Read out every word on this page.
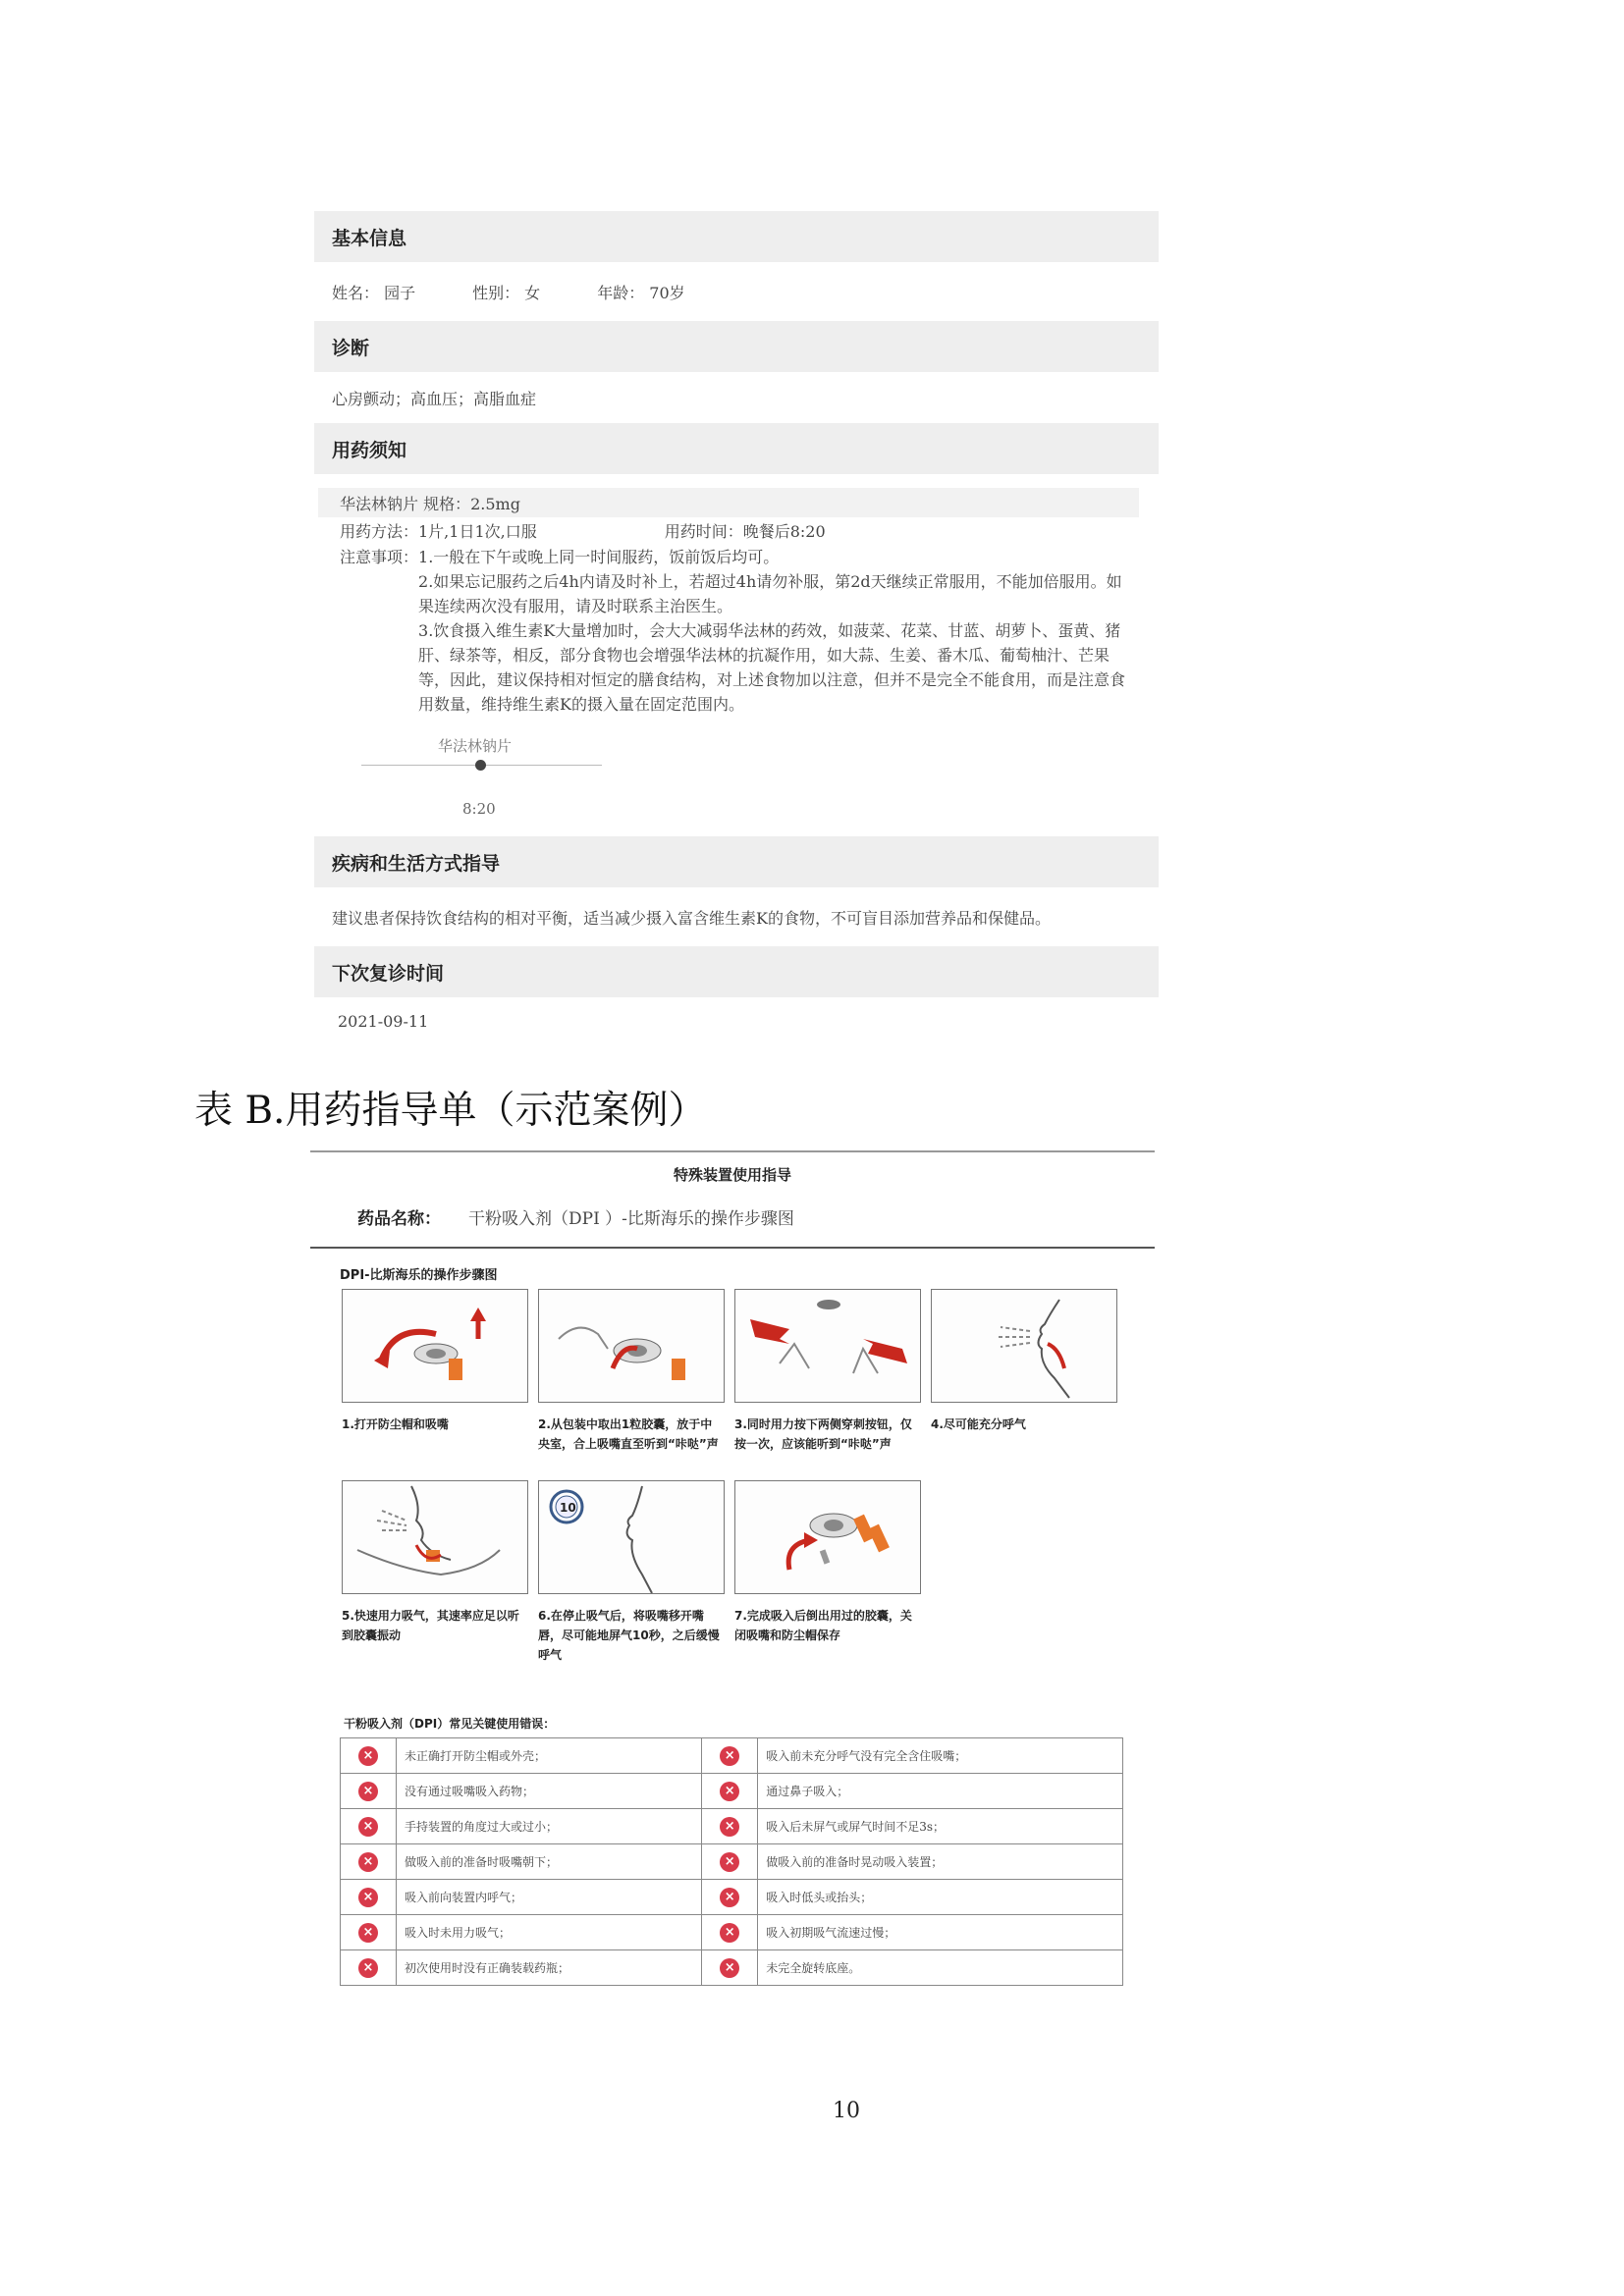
基本信息
姓名： 园子	性别： 女	年龄： 70岁
诊断
心房颤动；高血压；高脂血症
用药须知
华法林钠片 规格：2.5mg
用药方法：1片,1日1次,口服	用药时间：晚餐后8:20
注意事项： 1.一般在下午或晚上同一时间服药，饭前饭后均可。
2.如果忘记服药之后4h内请及时补上，若超过4h请勿补服，第2d天继续正常服用，不能加倍服用。如果连续两次没有服用，请及时联系主治医生。
3.饮食摄入维生素K大量增加时，会大大减弱华法林的药效，如菠菜、花菜、甘蓝、胡萝卜、蛋黄、猪肝、绿茶等，相反，部分食物也会增强华法林的抗凝作用，如大蒜、生姜、番木瓜、葡萄柚汁、芒果等，因此，建议保持相对恒定的膳食结构，对上述食物加以注意，但并不是完全不能食用，而是注意食用数量，维持维生素K的摄入量在固定范围内。
华法林钠片
8:20
疾病和生活方式指导
建议患者保持饮食结构的相对平衡，适当减少摄入富含维生素K的食物，不可盲目添加营养品和保健品。
下次复诊时间
2021-09-11
表 B.用药指导单（示范案例）
特殊装置使用指导
药品名称： 干粉吸入剂（DPI ）-比斯海乐的操作步骤图
DPI-比斯海乐的操作步骤图
1.打开防尘帽和吸嘴	2.从包装中取出1粒胶囊，放于中央室，合上吸嘴直至听到“咔哒”声
3.同时用力按下两侧穿刺按钮，仅按一次，应该能听到“咔哒”声
4.尽可能充分呼气
5.快速用力吸气，其速率应足以听到胶囊振动
10
6.在停止吸气后，将吸嘴移开嘴唇，尽可能地屏气10秒，之后缓慢呼气
7.完成吸入后倒出用过的胶囊，关闭吸嘴和防尘帽保存
干粉吸入剂（DPI）常见关键使用错误：
×	未正确打开防尘帽或外壳；	×	吸入前未充分呼气没有完全含住吸嘴；
×	没有通过吸嘴吸入药物；	×	通过鼻子吸入；
×	手持装置的角度过大或过小；	×	吸入后未屏气或屏气时间不足3s；
×	做吸入前的准备时吸嘴朝下；	×	做吸入前的准备时晃动吸入装置；
×	吸入前向装置内呼气；	×	吸入时低头或抬头；
×	吸入时未用力吸气；	×	吸入初期吸气流速过慢；
×	初次使用时没有正确装载药瓶；	×	未完全旋转底座。
10
